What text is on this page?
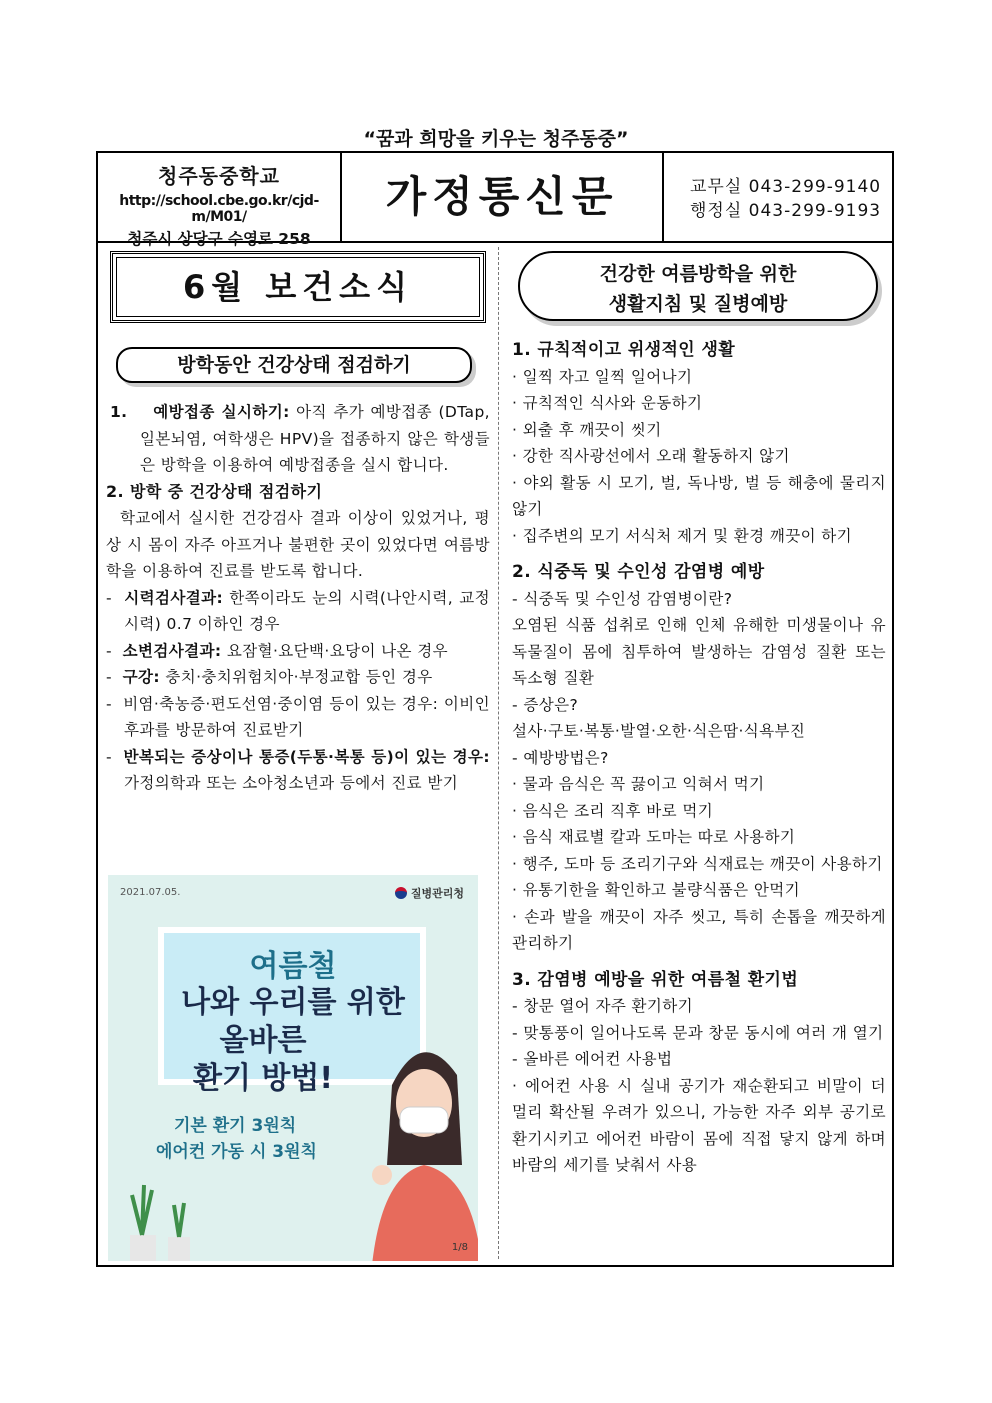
“꿈과 희망을 키우는 청주동중”
청주동중학교
http://school.cbe.go.kr/cjd-m/M01/
청주시 상당구 수영로 258
가정통신문	교무실 043-299-9140
행정실 043-299-9193
6월 보건소식
방학동안 건강상태 점검하기

1. 예방접종 실시하기: 아직 추가 예방접종 (DTap, 일본뇌염, 여학생은 HPV)을 접종하지 않은 학생들은 방학을 이용하여 예방접종을 실시 합니다.

2. 방학 중 건강상태 점검하기

학교에서 실시한 건강검사 결과 이상이 있었거나, 평상 시 몸이 자주 아프거나 불편한 곳이 있었다면 여름방학을 이용하여 진료를 받도록 합니다.

- 시력검사결과: 한쪽이라도 눈의 시력(나안시력, 교정시력) 0.7 이하인 경우

- 소변검사결과: 요잠혈·요단백·요당이 나온 경우

- 구강: 충치·충치위험치아·부정교합 등인 경우

- 비염·축농증·편도선염·중이염 등이 있는 경우: 이비인후과를 방문하여 진료받기

- 반복되는 증상이나 통증(두통·복통 등)이 있는 경우: 가정의학과 또는 소아청소년과 등에서 진료 받기

2021.07.05.	질병관리청
여름철
나와 우리를 위한
올바른
환기 방법!
기본 환기 3원칙
에어컨 가동 시 3원칙
1/8
건강한 여름방학을 위한
생활지침 및 질병예방

1. 규칙적이고 위생적인 생활

· 일찍 자고 일찍 일어나기

· 규칙적인 식사와 운동하기

· 외출 후 깨끗이 씻기

· 강한 직사광선에서 오래 활동하지 않기

· 야외 활동 시 모기, 벌, 독나방, 벌 등 해충에 물리지 않기

· 집주변의 모기 서식처 제거 및 환경 깨끗이 하기

2. 식중독 및 수인성 감염병 예방

- 식중독 및 수인성 감염병이란?

오염된 식품 섭취로 인해 인체 유해한 미생물이나 유독물질이 몸에 침투하여 발생하는 감염성 질환 또는 독소형 질환

- 증상은?

설사·구토·복통·발열·오한·식은땀·식욕부진

- 예방방법은?

· 물과 음식은 꼭 끓이고 익혀서 먹기

· 음식은 조리 직후 바로 먹기

· 음식 재료별 칼과 도마는 따로 사용하기

· 행주, 도마 등 조리기구와 식재료는 깨끗이 사용하기

· 유통기한을 확인하고 불량식품은 안먹기

· 손과 발을 깨끗이 자주 씻고, 특히 손톱을 깨끗하게 관리하기

3. 감염병 예방을 위한 여름철 환기법

- 창문 열어 자주 환기하기

- 맞통풍이 일어나도록 문과 창문 동시에 여러 개 열기

- 올바른 에어컨 사용법

· 에어컨 사용 시 실내 공기가 재순환되고 비말이 더 멀리 확산될 우려가 있으니, 가능한 자주 외부 공기로 환기시키고 에어컨 바람이 몸에 직접 닿지 않게 하며 바람의 세기를 낮춰서 사용
